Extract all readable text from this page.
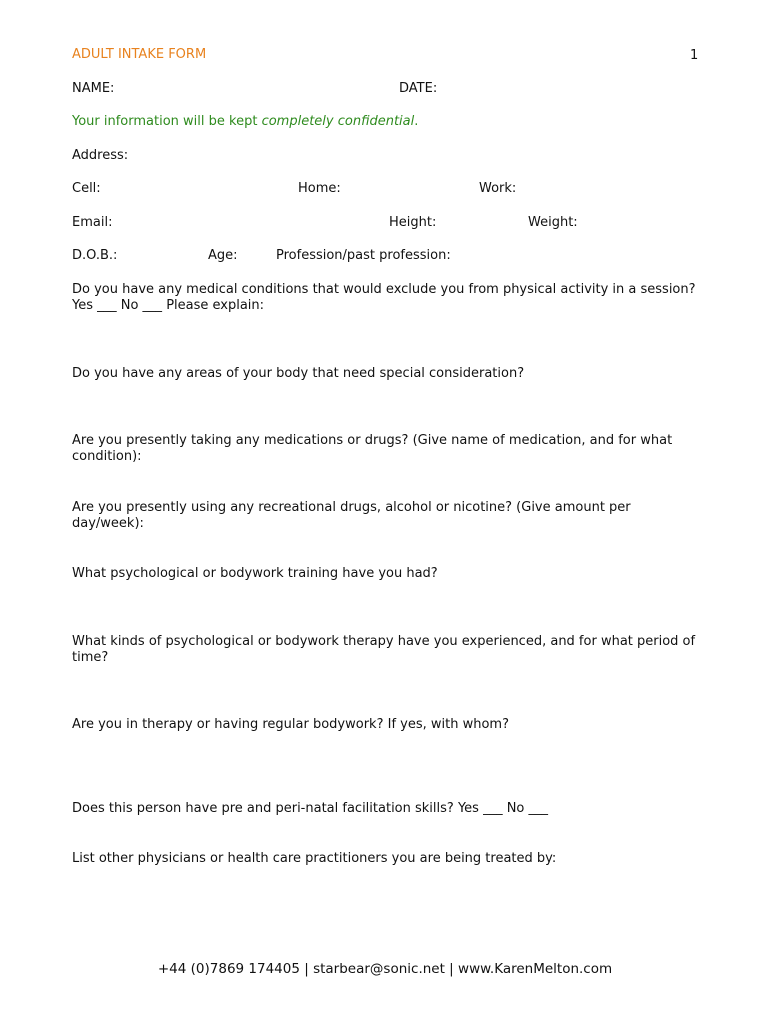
ADULT INTAKE FORM	1
NAME:	DATE:
Your information will be kept completely confidential.
Address:
Cell:	Home:	Work:
Email:	Height:	Weight:
D.O.B.:	Age:	Profession/past profession:
Do you have any medical conditions that would exclude you from physical activity in a session? Yes ___ No ___ Please explain:
Do you have any areas of your body that need special consideration?
Are you presently taking any medications or drugs? (Give name of medication, and for what condition):
Are you presently using any recreational drugs, alcohol or nicotine? (Give amount per day/week):
What psychological or bodywork training have you had?
What kinds of psychological or bodywork therapy have you experienced, and for what period of time?
Are you in therapy or having regular bodywork? If yes, with whom?
Does this person have pre and peri-natal facilitation skills? Yes ___ No ___
List other physicians or health care practitioners you are being treated by:
+44 (0)7869 174405 | starbear@sonic.net | www.KarenMelton.com
